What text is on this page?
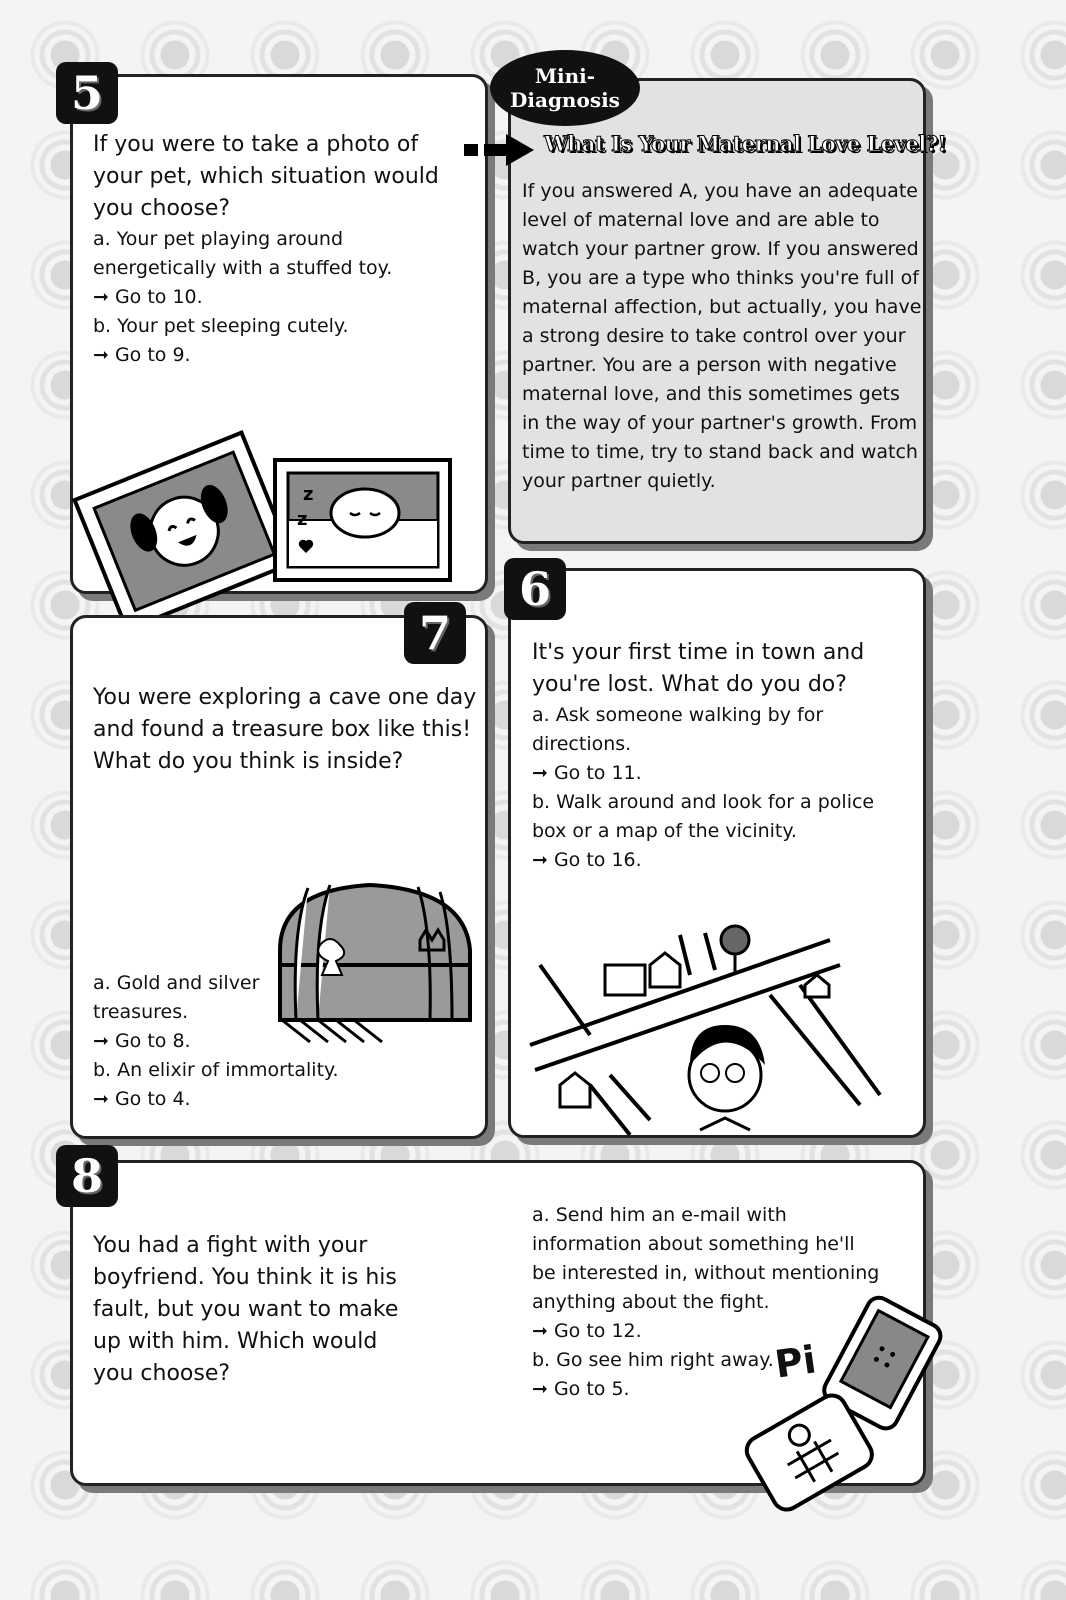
5
If you were to take a photo of
your pet, which situation would
you choose?
a. Your pet playing around
energetically with a stuffed toy.
➞ Go to 10.
b. Your pet sleeping cutely.
➞ Go to 9.
z
z
Mini-
Diagnosis
What Is Your Maternal Love Level?!
If you answered A, you have an adequate
level of maternal love and are able to
watch your partner grow. If you answered
B, you are a type who thinks you're full of
maternal affection, but actually, you have
a strong desire to take control over your
partner. You are a person with negative
maternal love, and this sometimes gets
in the way of your partner's growth. From
time to time, try to stand back and watch
your partner quietly.
7
You were exploring a cave one day
and found a treasure box like this!
What do you think is inside?
a. Gold and silver
treasures.
➞ Go to 8.
b. An elixir of immortality.
➞ Go to 4.
6
It's your first time in town and
you're lost. What do you do?
a. Ask someone walking by for
directions.
➞ Go to 11.
b. Walk around and look for a police
box or a map of the vicinity.
➞ Go to 16.
8
You had a fight with your
boyfriend. You think it is his
fault, but you want to make
up with him. Which would
you choose?
a. Send him an e-mail with
information about something he'll
be interested in, without mentioning
anything about the fight.
➞ Go to 12.
b. Go see him right away.
➞ Go to 5.
Pi
